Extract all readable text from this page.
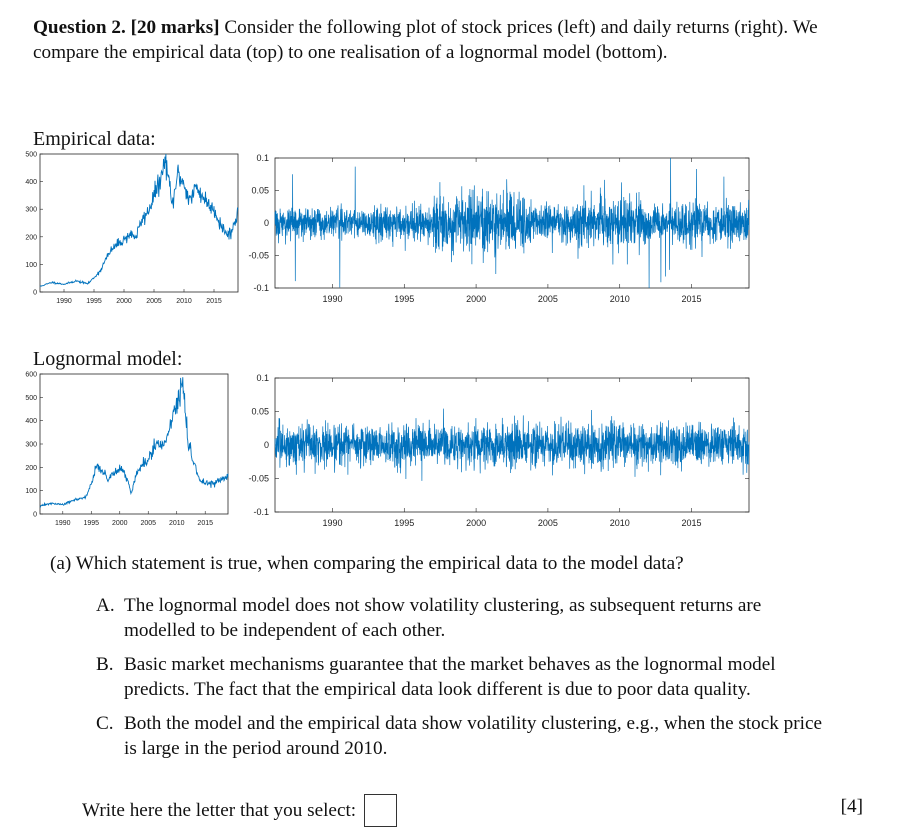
Question 2. [20 marks] Consider the following plot of stock prices (left) and daily returns (right). We compare the empirical data (top) to one realisation of a lognormal model (bottom).
Empirical data:
0
100
200
300
400
500
1990 1995 2000 2005 2010 2015
-0.1
-0.05
0
0.05
0.1
1990	1995	2000	2005	2010	2015
Lognormal model:
0
100
200
300
400
500
600
1990 1995 2000 2005 2010 2015
-0.1
-0.05
0
0.05
0.1
1990	1995	2000	2005	2010	2015
(a) Which statement is true, when comparing the empirical data to the model data?
A. The lognormal model does not show volatility clustering, as subsequent returns are modelled to be independent of each other.
B. Basic market mechanisms guarantee that the market behaves as the lognormal model predicts. The fact that the empirical data look different is due to poor data quality.
C. Both the model and the empirical data show volatility clustering, e.g., when the stock price is large in the period around 2010.
Write here the letter that you select:	[4]
